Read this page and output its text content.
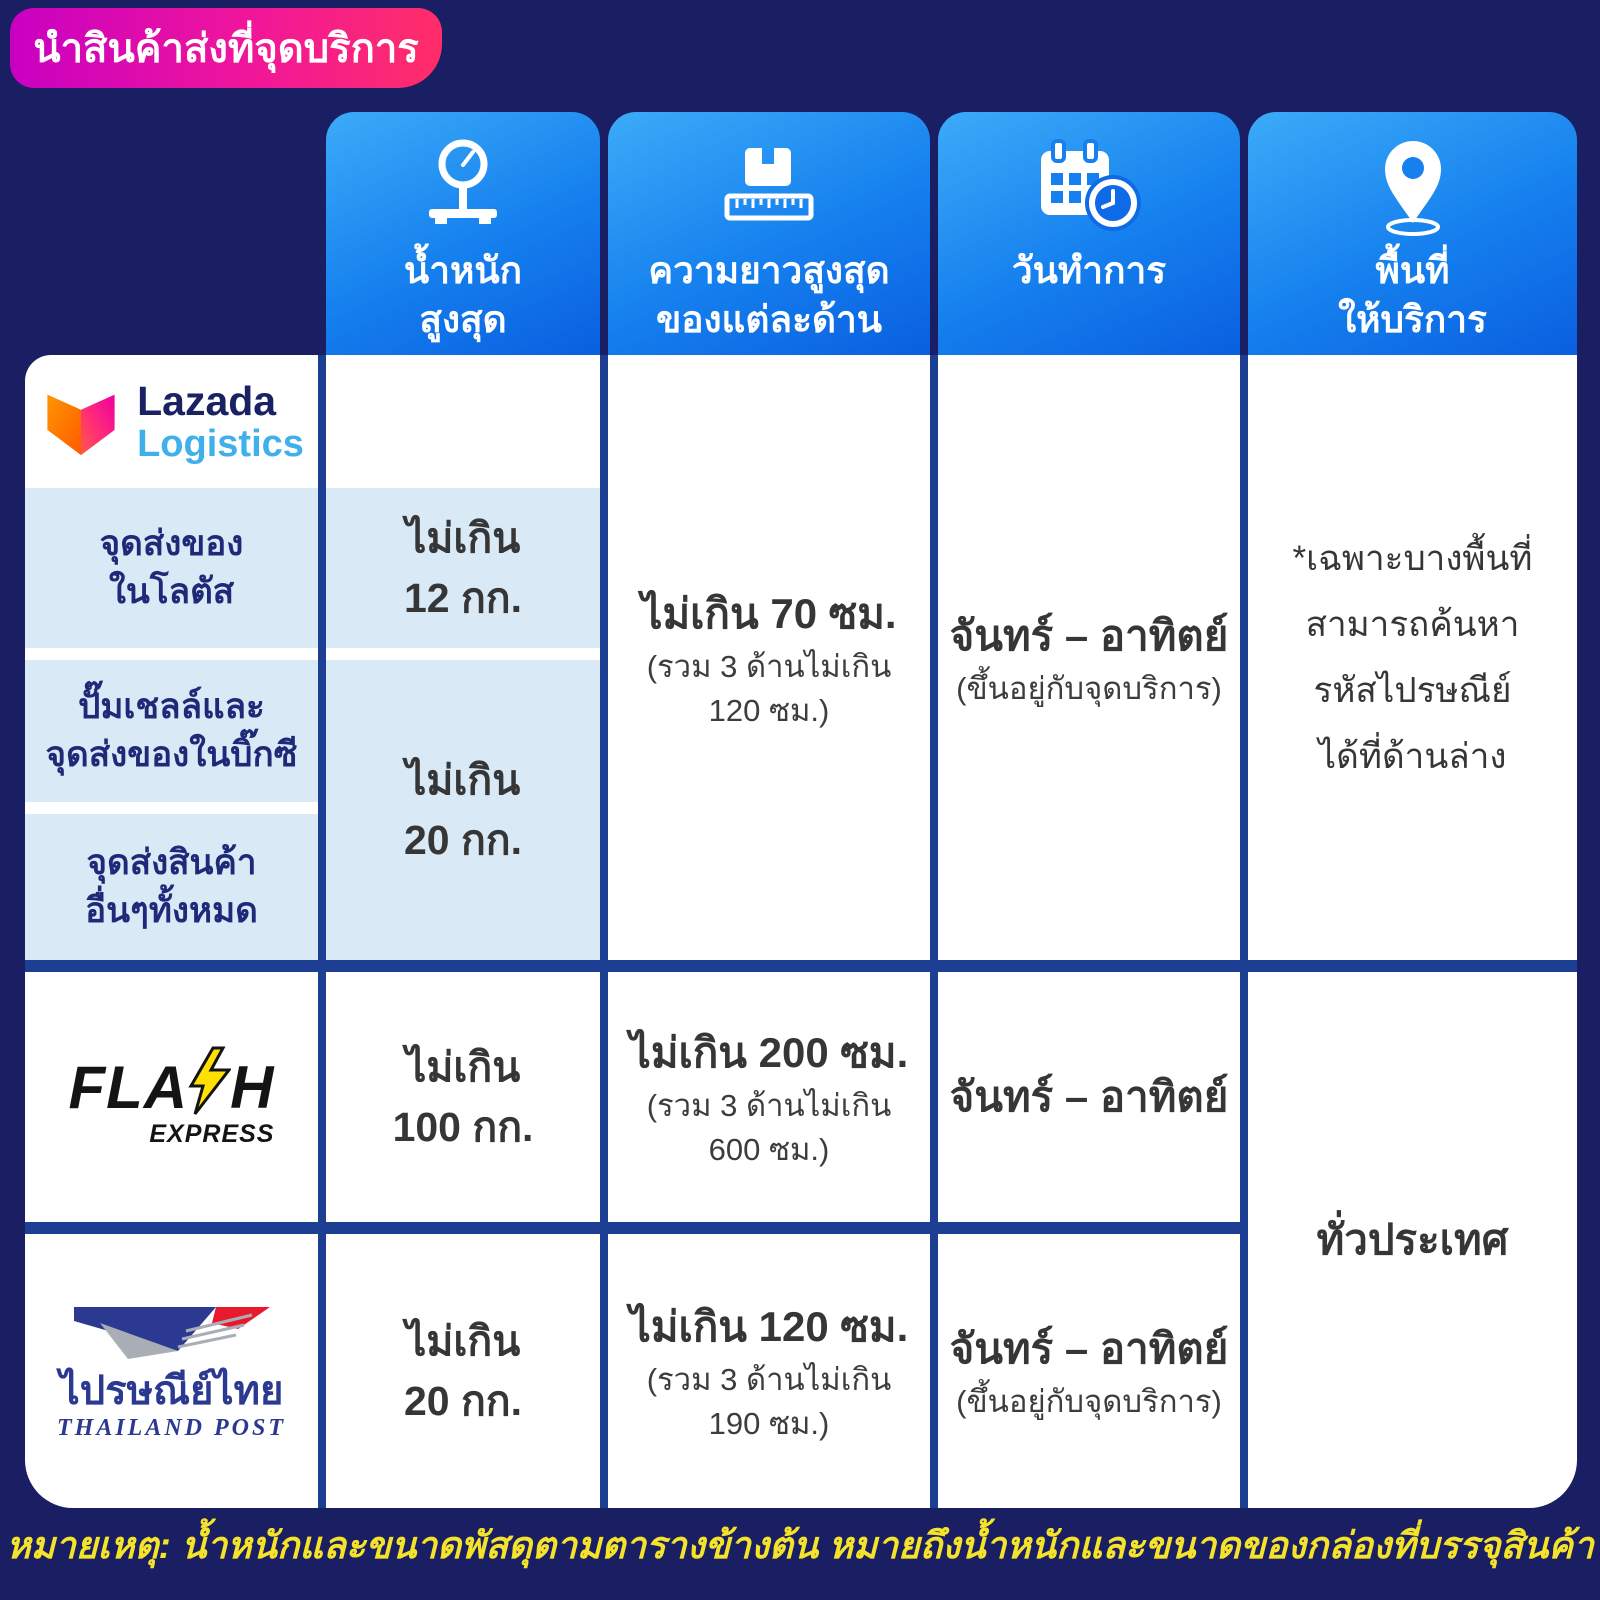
นำสินค้าส่งที่จุดบริการ
น้ำหนัก
สูงสุด
ความยาวสูงสุด
ของแต่ละด้าน
วันทำการ	พื้นที่
ให้บริการ
Lazada
Logistics
จุดส่งของ
ในโลตัส
ปั๊มเชลล์และ
จุดส่งของในบิ๊กซี
จุดส่งสินค้า
อื่นๆทั้งหมด
ไม่เกิน
12 กก.
ไม่เกิน
20 กก.
ไม่เกิน 70 ซม.
(รวม 3 ด้านไม่เกิน
120 ซม.)
จันทร์ – อาทิตย์
(ขึ้นอยู่กับจุดบริการ)
*เฉพาะบางพื้นที่
สามารถค้นหา
รหัสไปรษณีย์
ได้ที่ด้านล่าง
FLA H
EXPRESS
ไม่เกิน
100 กก.
ไม่เกิน 200 ซม.
(รวม 3 ด้านไม่เกิน
600 ซม.)
จันทร์ – อาทิตย์
ทั่วประเทศ
ไปรษณีย์ไทย
THAILAND POST
ไม่เกิน
20 กก.
ไม่เกิน 120 ซม.
(รวม 3 ด้านไม่เกิน
190 ซม.)
จันทร์ – อาทิตย์
(ขึ้นอยู่กับจุดบริการ)
หมายเหตุ: น้ำหนักและขนาดพัสดุตามตารางข้างต้น หมายถึงน้ำหนักและขนาดของกล่องที่บรรจุสินค้า
